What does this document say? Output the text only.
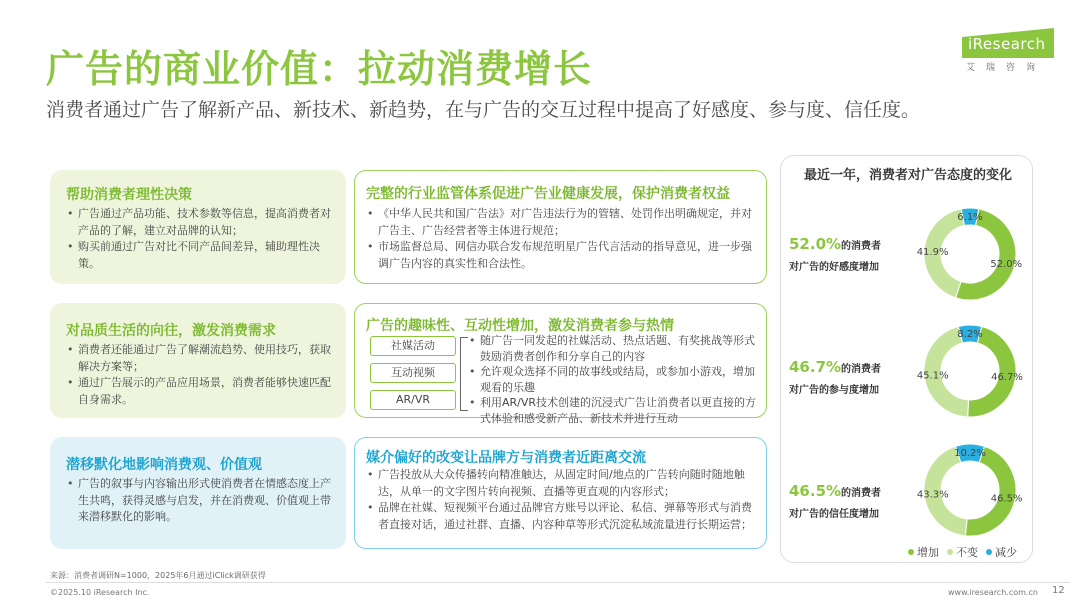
广告的商业价值：拉动消费增长
消费者通过广告了解新产品、新技术、新趋势，在与广告的交互过程中提高了好感度、参与度、信任度。
iResearch
艾瑞咨询
帮助消费者理性决策
• 广告通过产品功能、技术参数等信息，提高消费者对产品的了解，建立对品牌的认知；
• 购买前通过广告对比不同产品间差异，辅助理性决策。
对品质生活的向往，激发消费需求
• 消费者还能通过广告了解潮流趋势、使用技巧，获取解决方案等；
• 通过广告展示的产品应用场景，消费者能够快速匹配自身需求。
潜移默化地影响消费观、价值观
• 广告的叙事与内容输出形式使消费者在情感态度上产生共鸣，获得灵感与启发，并在消费观、价值观上带来潜移默化的影响。
完整的行业监管体系促进广告业健康发展，保护消费者权益
• 《中华人民共和国广告法》对广告违法行为的管辖、处罚作出明确规定，并对广告主、广告经营者等主体进行规范；
• 市场监督总局、网信办联合发布规范明星广告代言活动的指导意见，进一步强调广告内容的真实性和合法性。
广告的趣味性、互动性增加，激发消费者参与热情
社媒活动
互动视频
AR/VR
• 随广告一同发起的社媒活动、热点话题、有奖挑战等形式鼓励消费者创作和分享自己的内容
• 允许观众选择不同的故事线或结局，或参加小游戏，增加观看的乐趣
• 利用AR/VR技术创建的沉浸式广告让消费者以更直接的方式体验和感受新产品、新技术并进行互动
媒介偏好的改变让品牌方与消费者近距离交流
• 广告投放从大众传播转向精准触达，从固定时间/地点的广告转向随时随地触达，从单一的文字图片转向视频、直播等更直观的内容形式；
• 品牌在社媒、短视频平台通过品牌官方账号以评论、私信、弹幕等形式与消费者直接对话，通过社群、直播、内容种草等形式沉淀私域流量进行长期运营；
最近一年，消费者对广告态度的变化
52.0%的消费者
对广告的好感度增加
46.7%的消费者
对广告的参与度增加
46.5%的消费者
对广告的信任度增加
52.0%
41.9%
6.1%
46.7%
45.1%
8.2%
46.5%
43.3%
10.2%
增加 不变 减少
来源：消费者调研N=1000，2025年6月通过iClick调研获得
©2025.10 iResearch Inc.	www.iresearch.com.cn 12
